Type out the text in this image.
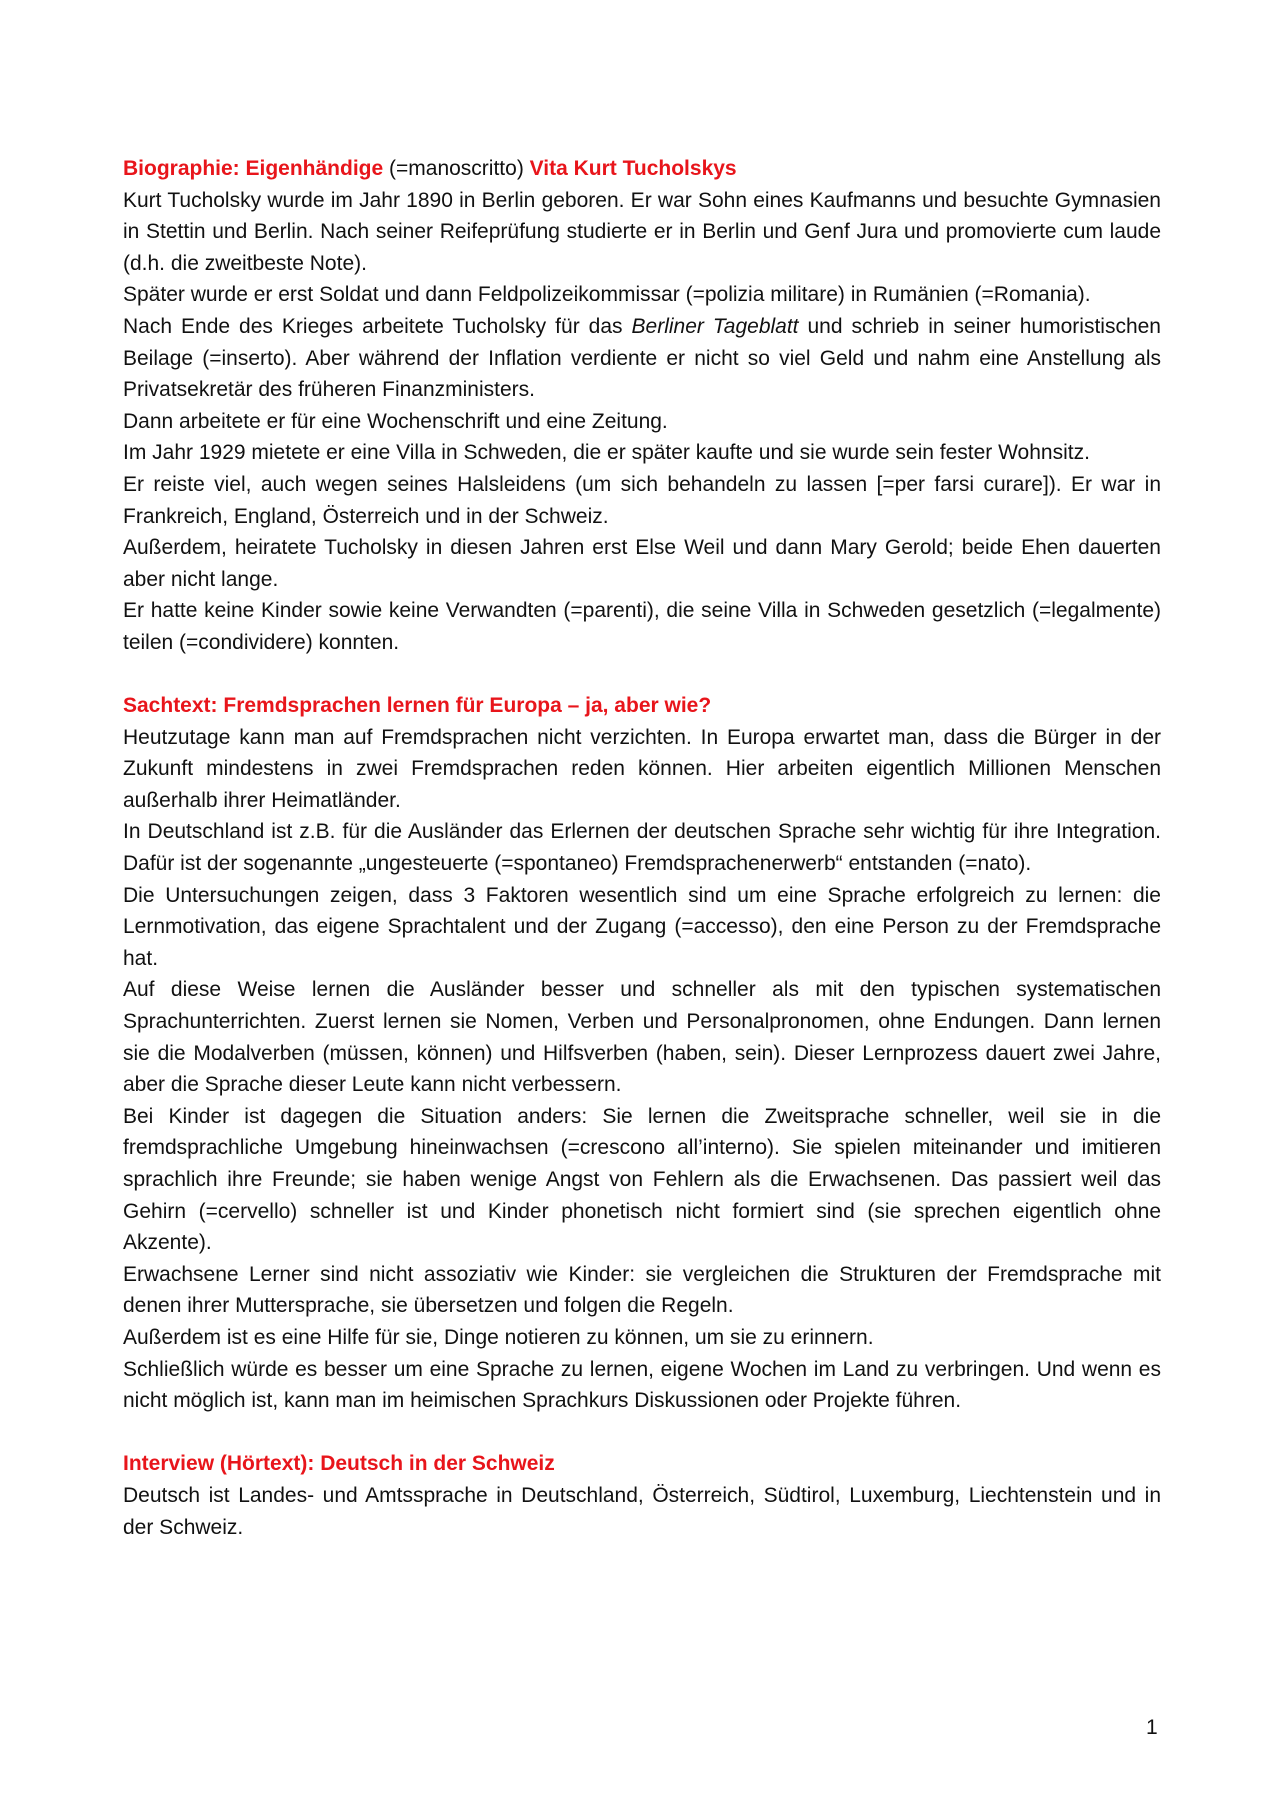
Biographie: Eigenhändige (=manoscritto) Vita Kurt Tucholskys

Kurt Tucholsky wurde im Jahr 1890 in Berlin geboren. Er war Sohn eines Kaufmanns und besuchte Gymnasien in Stettin und Berlin. Nach seiner Reifeprüfung studierte er in Berlin und Genf Jura und promovierte cum laude (d.h. die zweitbeste Note).

Später wurde er erst Soldat und dann Feldpolizeikommissar (=polizia militare) in Rumänien (=Romania).

Nach Ende des Krieges arbeitete Tucholsky für das Berliner Tageblatt und schrieb in seiner humoristischen Beilage (=inserto). Aber während der Inflation verdiente er nicht so viel Geld und nahm eine Anstellung als Privatsekretär des früheren Finanzministers.

Dann arbeitete er für eine Wochenschrift und eine Zeitung.

Im Jahr 1929 mietete er eine Villa in Schweden, die er später kaufte und sie wurde sein fester Wohnsitz.

Er reiste viel, auch wegen seines Halsleidens (um sich behandeln zu lassen [=per farsi curare]). Er war in Frankreich, England, Österreich und in der Schweiz.

Außerdem, heiratete Tucholsky in diesen Jahren erst Else Weil und dann Mary Gerold; beide Ehen dauerten aber nicht lange.

Er hatte keine Kinder sowie keine Verwandten (=parenti), die seine Villa in Schweden gesetzlich (=legalmente) teilen (=condividere) konnten.

Sachtext: Fremdsprachen lernen für Europa – ja, aber wie?

Heutzutage kann man auf Fremdsprachen nicht verzichten. In Europa erwartet man, dass die Bürger in der Zukunft mindestens in zwei Fremdsprachen reden können. Hier arbeiten eigentlich Millionen Menschen außerhalb ihrer Heimatländer.

In Deutschland ist z.B. für die Ausländer das Erlernen der deutschen Sprache sehr wichtig für ihre Integration. Dafür ist der sogenannte „ungesteuerte (=spontaneo) Fremdsprachenerwerb“ entstanden (=nato).

Die Untersuchungen zeigen, dass 3 Faktoren wesentlich sind um eine Sprache erfolgreich zu lernen: die Lernmotivation, das eigene Sprachtalent und der Zugang (=accesso), den eine Person zu der Fremdsprache hat.

Auf diese Weise lernen die Ausländer besser und schneller als mit den typischen systematischen Sprachunterrichten. Zuerst lernen sie Nomen, Verben und Personalpronomen, ohne Endungen. Dann lernen sie die Modalverben (müssen, können) und Hilfsverben (haben, sein). Dieser Lernprozess dauert zwei Jahre, aber die Sprache dieser Leute kann nicht verbessern.

Bei Kinder ist dagegen die Situation anders: Sie lernen die Zweitsprache schneller, weil sie in die fremdsprachliche Umgebung hineinwachsen (=crescono all’interno). Sie spielen miteinander und imitieren sprachlich ihre Freunde; sie haben wenige Angst von Fehlern als die Erwachsenen. Das passiert weil das Gehirn (=cervello) schneller ist und Kinder phonetisch nicht formiert sind (sie sprechen eigentlich ohne Akzente).

Erwachsene Lerner sind nicht assoziativ wie Kinder: sie vergleichen die Strukturen der Fremdsprache mit denen ihrer Muttersprache, sie übersetzen und folgen die Regeln.

Außerdem ist es eine Hilfe für sie, Dinge notieren zu können, um sie zu erinnern.

Schließlich würde es besser um eine Sprache zu lernen, eigene Wochen im Land zu verbringen. Und wenn es nicht möglich ist, kann man im heimischen Sprachkurs Diskussionen oder Projekte führen.

Interview (Hörtext): Deutsch in der Schweiz

Deutsch ist Landes- und Amtssprache in Deutschland, Österreich, Südtirol, Luxemburg, Liechtenstein und in der Schweiz.

1
